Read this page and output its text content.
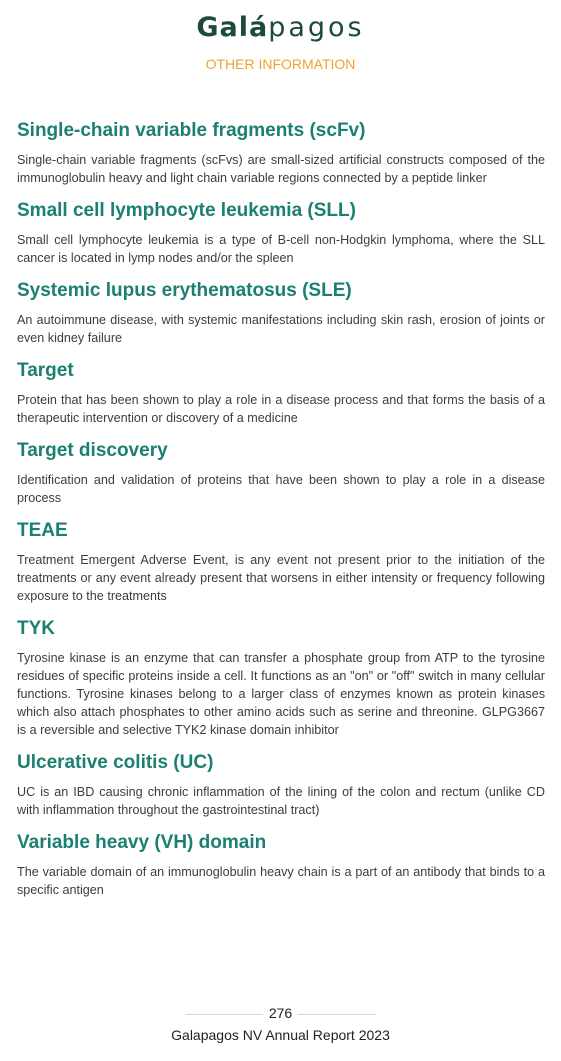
Galápagos
OTHER INFORMATION
Single-chain variable fragments (scFv)

Single-chain variable fragments (scFvs) are small-sized artificial constructs composed of the immunoglobulin heavy and light chain variable regions connected by a peptide linker

Small cell lymphocyte leukemia (SLL)

Small cell lymphocyte leukemia is a type of B-cell non-Hodgkin lymphoma, where the SLL cancer is located in lymp nodes and/or the spleen

Systemic lupus erythematosus (SLE)

An autoimmune disease, with systemic manifestations including skin rash, erosion of joints or even kidney failure

Target

Protein that has been shown to play a role in a disease process and that forms the basis of a therapeutic intervention or discovery of a medicine

Target discovery

Identification and validation of proteins that have been shown to play a role in a disease process

TEAE

Treatment Emergent Adverse Event, is any event not present prior to the initiation of the treatments or any event already present that worsens in either intensity or frequency following exposure to the treatments

TYK

Tyrosine kinase is an enzyme that can transfer a phosphate group from ATP to the tyrosine residues of specific proteins inside a cell. It functions as an "on" or "off" switch in many cellular functions. Tyrosine kinases belong to a larger class of enzymes known as protein kinases which also attach phosphates to other amino acids such as serine and threonine. GLPG3667 is a reversible and selective TYK2 kinase domain inhibitor

Ulcerative colitis (UC)

UC is an IBD causing chronic inflammation of the lining of the colon and rectum (unlike CD with inflammation throughout the gastrointestinal tract)

Variable heavy (VH) domain

The variable domain of an immunoglobulin heavy chain is a part of an antibody that binds to a specific antigen

276
Galapagos NV Annual Report 2023
